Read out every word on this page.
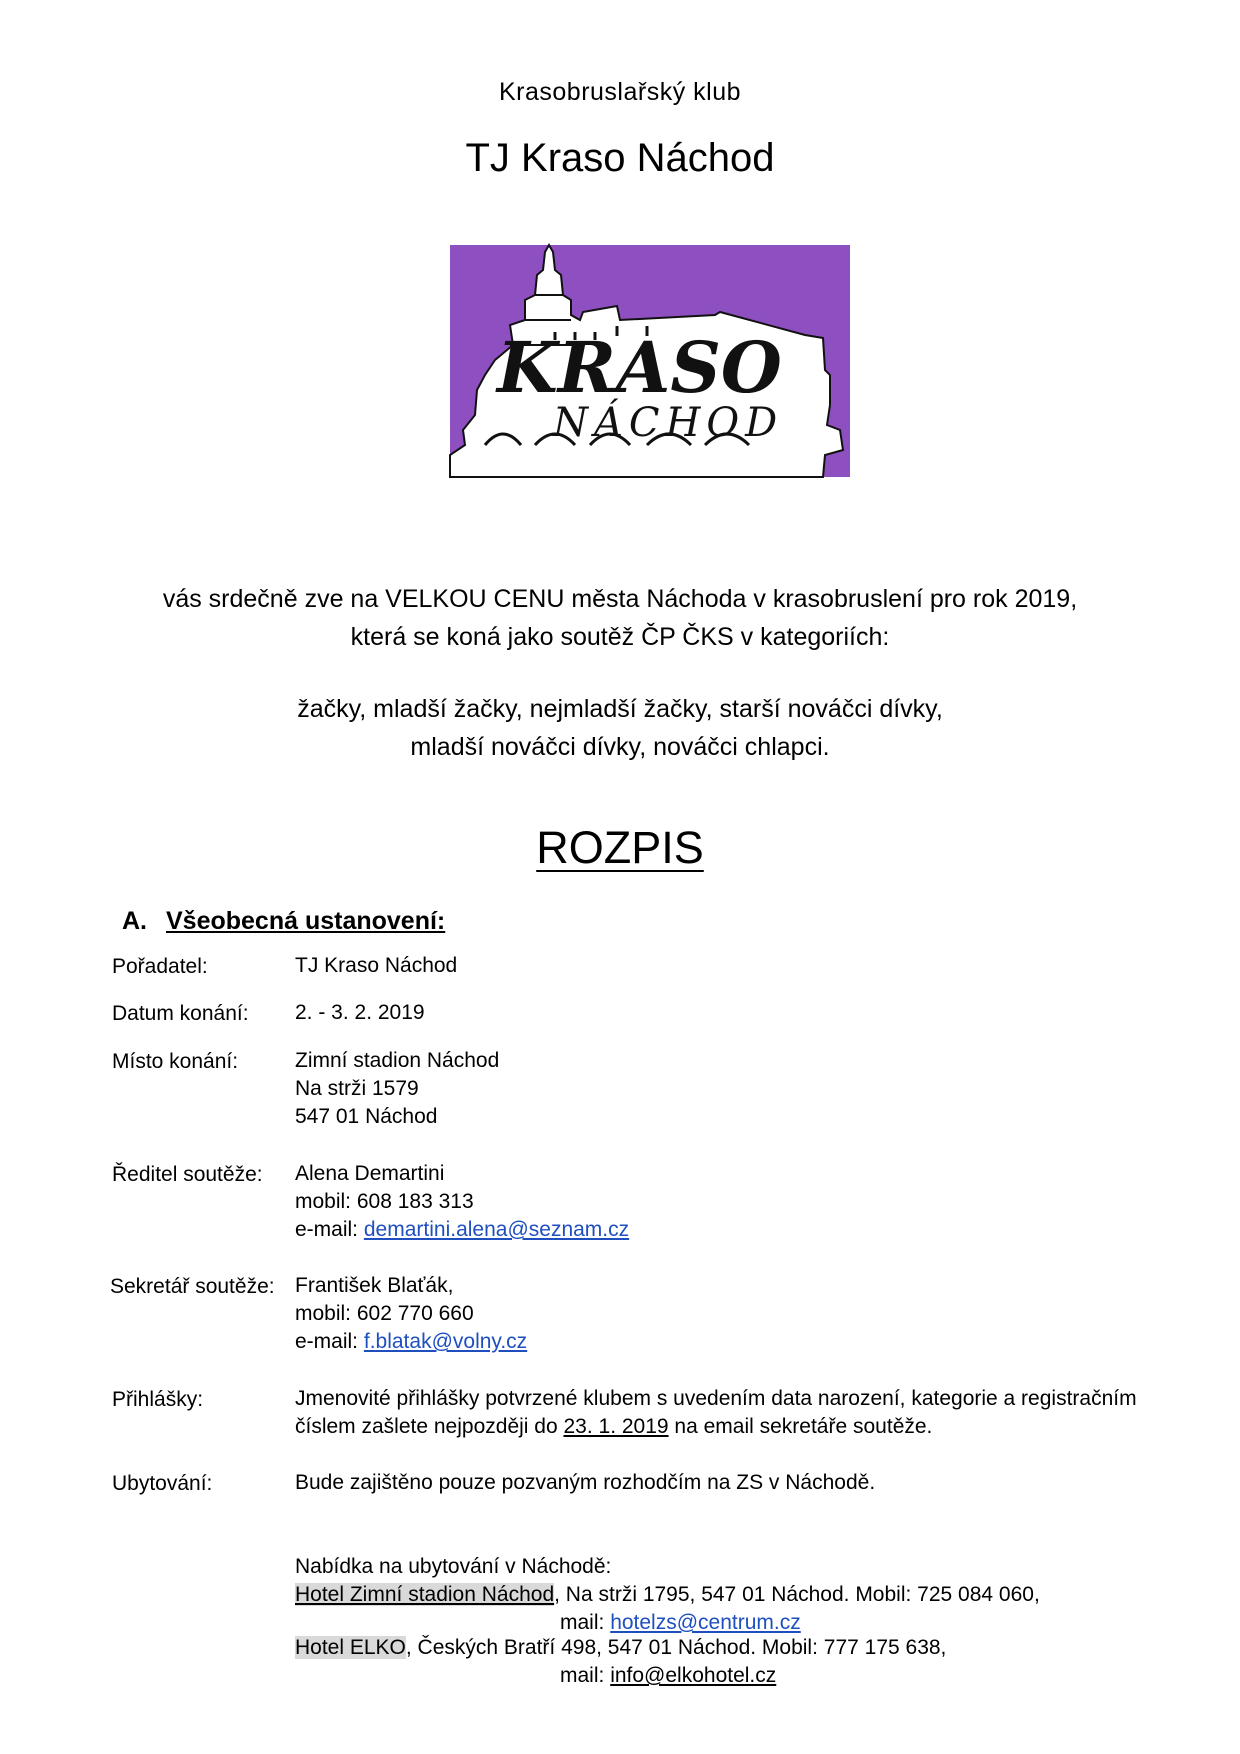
Krasobruslařský klub
TJ Kraso Náchod
KRASO
NÁCHOD
vás srdečně zve na VELKOU CENU města Náchoda v krasobruslení pro rok 2019,
která se koná jako soutěž ČP ČKS v kategoriích:
žačky, mladší žačky, nejmladší žačky, starší nováčci dívky,
mladší nováčci dívky, nováčci chlapci.
ROZPIS
A. Všeobecná ustanovení:
Pořadatel:	TJ Kraso Náchod
Datum konání: 2. - 3. 2. 2019
Místo konání:	Zimní stadion Náchod
Na strži 1579
547 01 Náchod
Ředitel soutěže: Alena Demartini
mobil: 608 183 313
e-mail: demartini.alena@seznam.cz
Sekretář soutěže: František Blaťák,
mobil: 602 770 660
e-mail: f.blatak@volny.cz
Přihlášky:	Jmenovité přihlášky potvrzené klubem s uvedením data narození, kategorie a registračním
číslem zašlete nejpozději do 23. 1. 2019 na email sekretáře soutěže.
Ubytování:	Bude zajištěno pouze pozvaným rozhodčím na ZS v Náchodě.
Nabídka na ubytování v Náchodě:
Hotel Zimní stadion Náchod, Na strži 1795, 547 01 Náchod. Mobil: 725 084 060,
mail: hotelzs@centrum.cz
Hotel ELKO, Českých Bratří 498, 547 01 Náchod. Mobil: 777 175 638,
mail: info@elkohotel.cz
